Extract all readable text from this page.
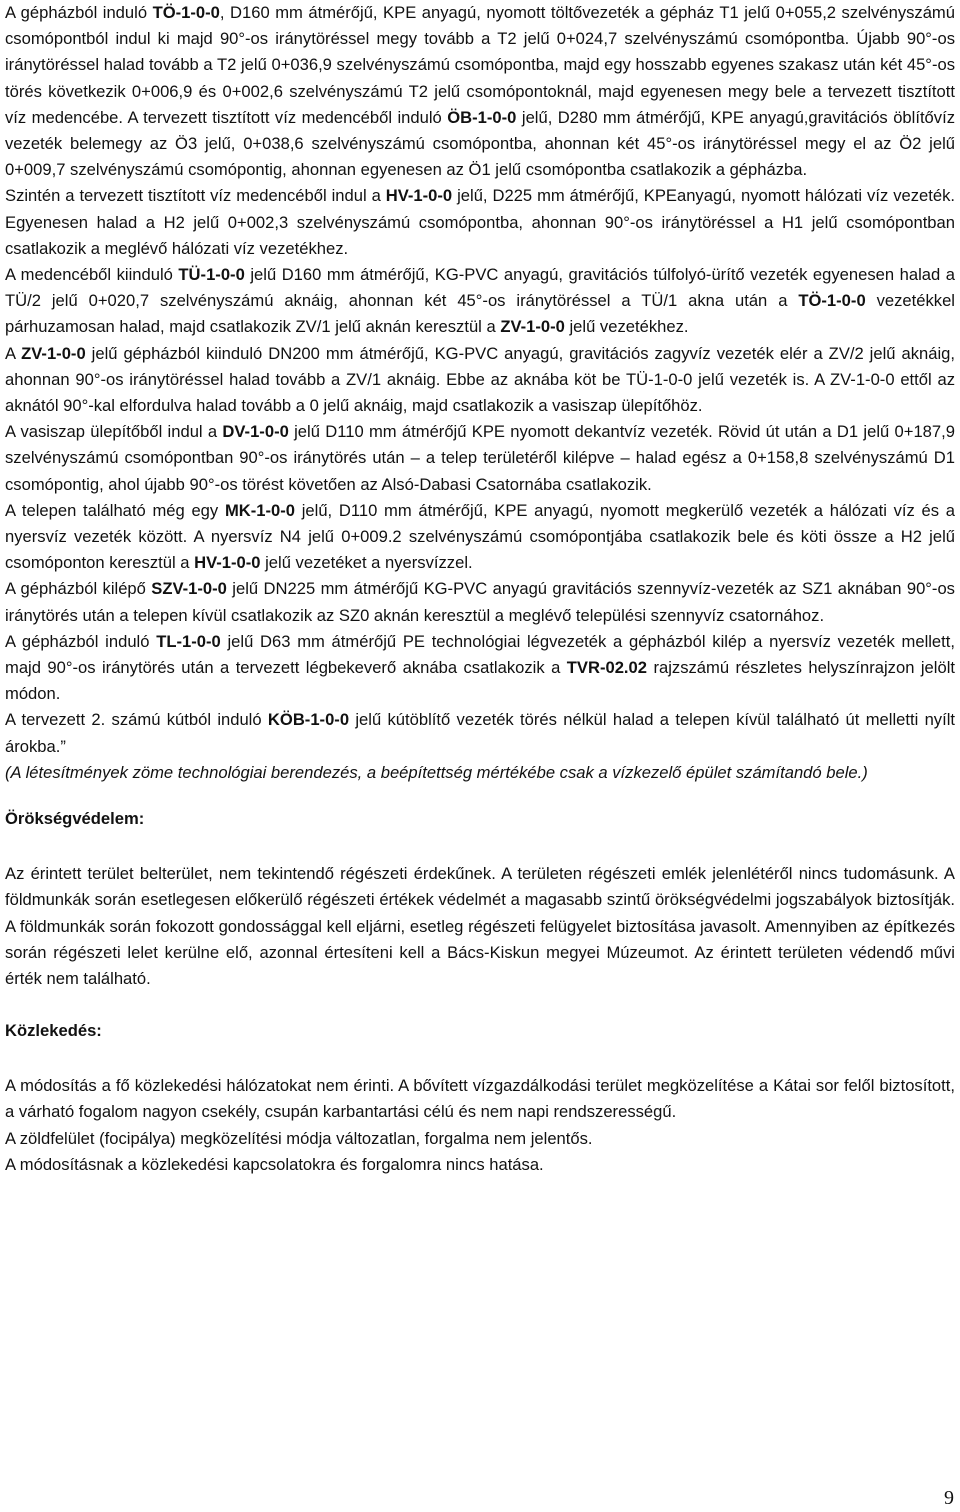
A gépházból induló TÖ-1-0-0, D160 mm átmérőjű, KPE anyagú, nyomott töltővezeték a gépház T1 jelű 0+055,2 szelvényszámú csomópontból indul ki majd 90°-os iránytöréssel megy tovább a T2 jelű 0+024,7 szelvényszámú csomópontba. Újabb 90°-os iránytöréssel halad tovább a T2 jelű 0+036,9 szelvényszámú csomópontba, majd egy hosszabb egyenes szakasz után két 45°-os törés következik 0+006,9 és 0+002,6 szelvényszámú T2 jelű csomópontoknál, majd egyenesen megy bele a tervezett tisztított víz medencébe. A tervezett tisztított víz medencéből induló ÖB-1-0-0 jelű, D280 mm átmérőjű, KPE anyagú,gravitációs öblítővíz vezeték belemegy az Ö3 jelű, 0+038,6 szelvényszámú csomópontba, ahonnan két 45°-os iránytöréssel megy el az Ö2 jelű 0+009,7 szelvényszámú csomópontig, ahonnan egyenesen az Ö1 jelű csomópontba csatlakozik a gépházba.

Szintén a tervezett tisztított víz medencéből indul a HV-1-0-0 jelű, D225 mm átmérőjű, KPEanyagú, nyomott hálózati víz vezeték. Egyenesen halad a H2 jelű 0+002,3 szelvényszámú csomópontba, ahonnan 90°-os iránytöréssel a H1 jelű csomópontban csatlakozik a meglévő hálózati víz vezetékhez.

A medencéből kiinduló TÜ-1-0-0 jelű D160 mm átmérőjű, KG-PVC anyagú, gravitációs túlfolyó-ürítő vezeték egyenesen halad a TÜ/2 jelű 0+020,7 szelvényszámú aknáig, ahonnan két 45°-os iránytöréssel a TÜ/1 akna után a TÖ-1-0-0 vezetékkel párhuzamosan halad, majd csatlakozik ZV/1 jelű aknán keresztül a ZV-1-0-0 jelű vezetékhez.

A ZV-1-0-0 jelű gépházból kiinduló DN200 mm átmérőjű, KG-PVC anyagú, gravitációs zagyvíz vezeték elér a ZV/2 jelű aknáig, ahonnan 90°-os iránytöréssel halad tovább a ZV/1 aknáig. Ebbe az aknába köt be TÜ-1-0-0 jelű vezeték is. A ZV-1-0-0 ettől az aknától 90°-kal elfordulva halad tovább a 0 jelű aknáig, majd csatlakozik a vasiszap ülepítőhöz.

A vasiszap ülepítőből indul a DV-1-0-0 jelű D110 mm átmérőjű KPE nyomott dekantvíz vezeték. Rövid út után a D1 jelű 0+187,9 szelvényszámú csomópontban 90°-os iránytörés után – a telep területéről kilépve – halad egész a 0+158,8 szelvényszámú D1 csomópontig, ahol újabb 90°-os törést követően az Alsó-Dabasi Csatornába csatlakozik.

A telepen található még egy MK-1-0-0 jelű, D110 mm átmérőjű, KPE anyagú, nyomott megkerülő vezeték a hálózati víz és a nyersvíz vezeték között. A nyersvíz N4 jelű 0+009.2 szelvényszámú csomópontjába csatlakozik bele és köti össze a H2 jelű csomóponton keresztül a HV-1-0-0 jelű vezetéket a nyersvízzel.

A gépházból kilépő SZV-1-0-0 jelű DN225 mm átmérőjű KG-PVC anyagú gravitációs szennyvíz-vezeték az SZ1 aknában 90°-os iránytörés után a telepen kívül csatlakozik az SZ0 aknán keresztül a meglévő települési szennyvíz csatornához.

A gépházból induló TL-1-0-0 jelű D63 mm átmérőjű PE technológiai légvezeték a gépházból kilép a nyersvíz vezeték mellett, majd 90°-os iránytörés után a tervezett légbekeverő aknába csatlakozik a TVR-02.02 rajzszámú részletes helyszínrajzon jelölt módon.

A tervezett 2. számú kútból induló KÖB-1-0-0 jelű kútöblítő vezeték törés nélkül halad a telepen kívül található út melletti nyílt árokba.”

(A létesítmények zöme technológiai berendezés, a beépítettség mértékébe csak a vízkezelő épület számítandó bele.)

Örökségvédelem:

Az érintett terület belterület, nem tekintendő régészeti érdekűnek. A területen régészeti emlék jelenlétéről nincs tudomásunk. A földmunkák során esetlegesen előkerülő régészeti értékek védelmét a magasabb szintű örökségvédelmi jogszabályok biztosítják. A földmunkák során fokozott gondossággal kell eljárni, esetleg régészeti felügyelet biztosítása javasolt. Amennyiben az építkezés során régészeti lelet kerülne elő, azonnal értesíteni kell a Bács-Kiskun megyei Múzeumot. Az érintett területen védendő művi érték nem található.

Közlekedés:

A módosítás a fő közlekedési hálózatokat nem érinti. A bővített vízgazdálkodási terület megközelítése a Kátai sor felől biztosított, a várható fogalom nagyon csekély, csupán karbantartási célú és nem napi rendszerességű.

A zöldfelület (focipálya) megközelítési módja változatlan, forgalma nem jelentős.

A módosításnak a közlekedési kapcsolatokra és forgalomra nincs hatása.

9
